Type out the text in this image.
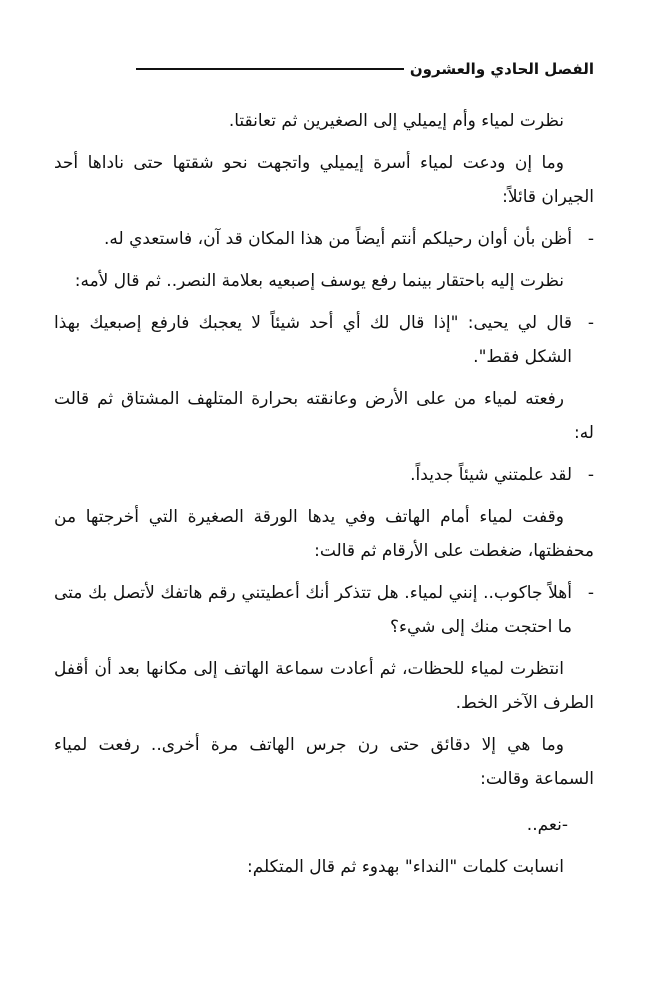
الفصل الحادي والعشرون

نظرت لمياء وأم إيميلي إلى الصغيرين ثم تعانقتا.

وما إن ودعت لمياء أسرة إيميلي واتجهت نحو شقتها حتى ناداها أحد الجيران قائلاً:

-أظن بأن أوان رحيلكم أنتم أيضاً من هذا المكان قد آن، فاستعدي له.

نظرت إليه باحتقار بينما رفع يوسف إصبعيه بعلامة النصر.. ثم قال لأمه:

-قال لي يحيى: "إذا قال لك أي أحد شيئاً لا يعجبك فارفع إصبعيك بهذا الشكل فقط".

رفعته لمياء من على الأرض وعانقته بحرارة المتلهف المشتاق ثم قالت له:

-لقد علمتني شيئاً جديداً.

وقفت لمياء أمام الهاتف وفي يدها الورقة الصغيرة التي أخرجتها من محفظتها، ضغطت على الأرقام ثم قالت:

-أهلاً جاكوب.. إنني لمياء. هل تتذكر أنك أعطيتني رقم هاتفك لأتصل بك متى ما احتجت منك إلى شيء؟

انتظرت لمياء للحظات، ثم أعادت سماعة الهاتف إلى مكانها بعد أن أقفل الطرف الآخر الخط.

وما هي إلا دقائق حتى رن جرس الهاتف مرة أخرى.. رفعت لمياء السماعة وقالت:

-نعم..

انسابت كلمات "النداء" بهدوء ثم قال المتكلم:
